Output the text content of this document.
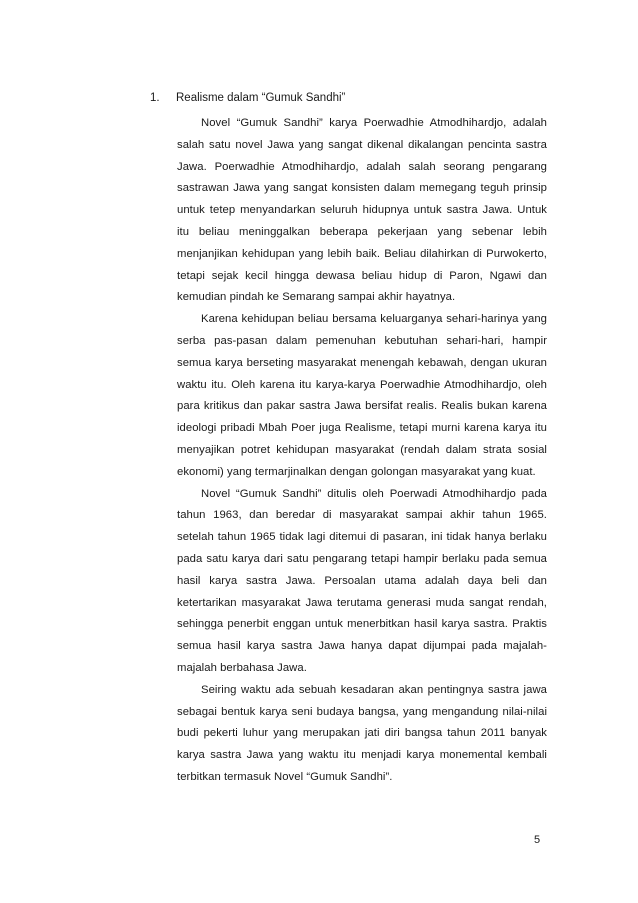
1. Realisme dalam “Gumuk Sandhi”

Novel “Gumuk Sandhi” karya Poerwadhie Atmodhihardjo, adalah salah satu novel Jawa yang sangat dikenal dikalangan pencinta sastra Jawa. Poerwadhie Atmodhihardjo, adalah salah seorang pengarang sastrawan Jawa yang sangat konsisten dalam memegang teguh prinsip untuk tetep menyandarkan seluruh hidupnya untuk sastra Jawa. Untuk itu beliau meninggalkan beberapa pekerjaan yang sebenar lebih menjanjikan kehidupan yang lebih baik. Beliau dilahirkan di Purwokerto, tetapi sejak kecil hingga dewasa beliau hidup di Paron, Ngawi dan kemudian pindah ke Semarang sampai akhir hayatnya.

Karena kehidupan beliau bersama keluarganya sehari-harinya yang serba pas-pasan dalam pemenuhan kebutuhan sehari-hari, hampir semua karya berseting masyarakat menengah kebawah, dengan ukuran waktu itu. Oleh karena itu karya-karya Poerwadhie Atmodhihardjo, oleh para kritikus dan pakar sastra Jawa bersifat realis. Realis bukan karena ideologi pribadi Mbah Poer juga Realisme, tetapi murni karena karya itu menyajikan potret kehidupan masyarakat (rendah dalam strata sosial ekonomi) yang termarjinalkan dengan golongan masyarakat yang kuat.

Novel “Gumuk Sandhi” ditulis oleh Poerwadi Atmodhihardjo pada tahun 1963, dan beredar di masyarakat sampai akhir tahun 1965. setelah tahun 1965 tidak lagi ditemui di pasaran, ini tidak hanya berlaku pada satu karya dari satu pengarang tetapi hampir berlaku pada semua hasil karya sastra Jawa. Persoalan utama adalah daya beli dan ketertarikan masyarakat Jawa terutama generasi muda sangat rendah, sehingga penerbit enggan untuk menerbitkan hasil karya sastra. Praktis semua hasil karya sastra Jawa hanya dapat dijumpai pada majalah-majalah berbahasa Jawa.

Seiring waktu ada sebuah kesadaran akan pentingnya sastra jawa sebagai bentuk karya seni budaya bangsa, yang mengandung nilai-nilai budi pekerti luhur yang merupakan jati diri bangsa tahun 2011 banyak karya sastra Jawa yang waktu itu menjadi karya monemental kembali terbitkan termasuk Novel “Gumuk Sandhi”.

5
